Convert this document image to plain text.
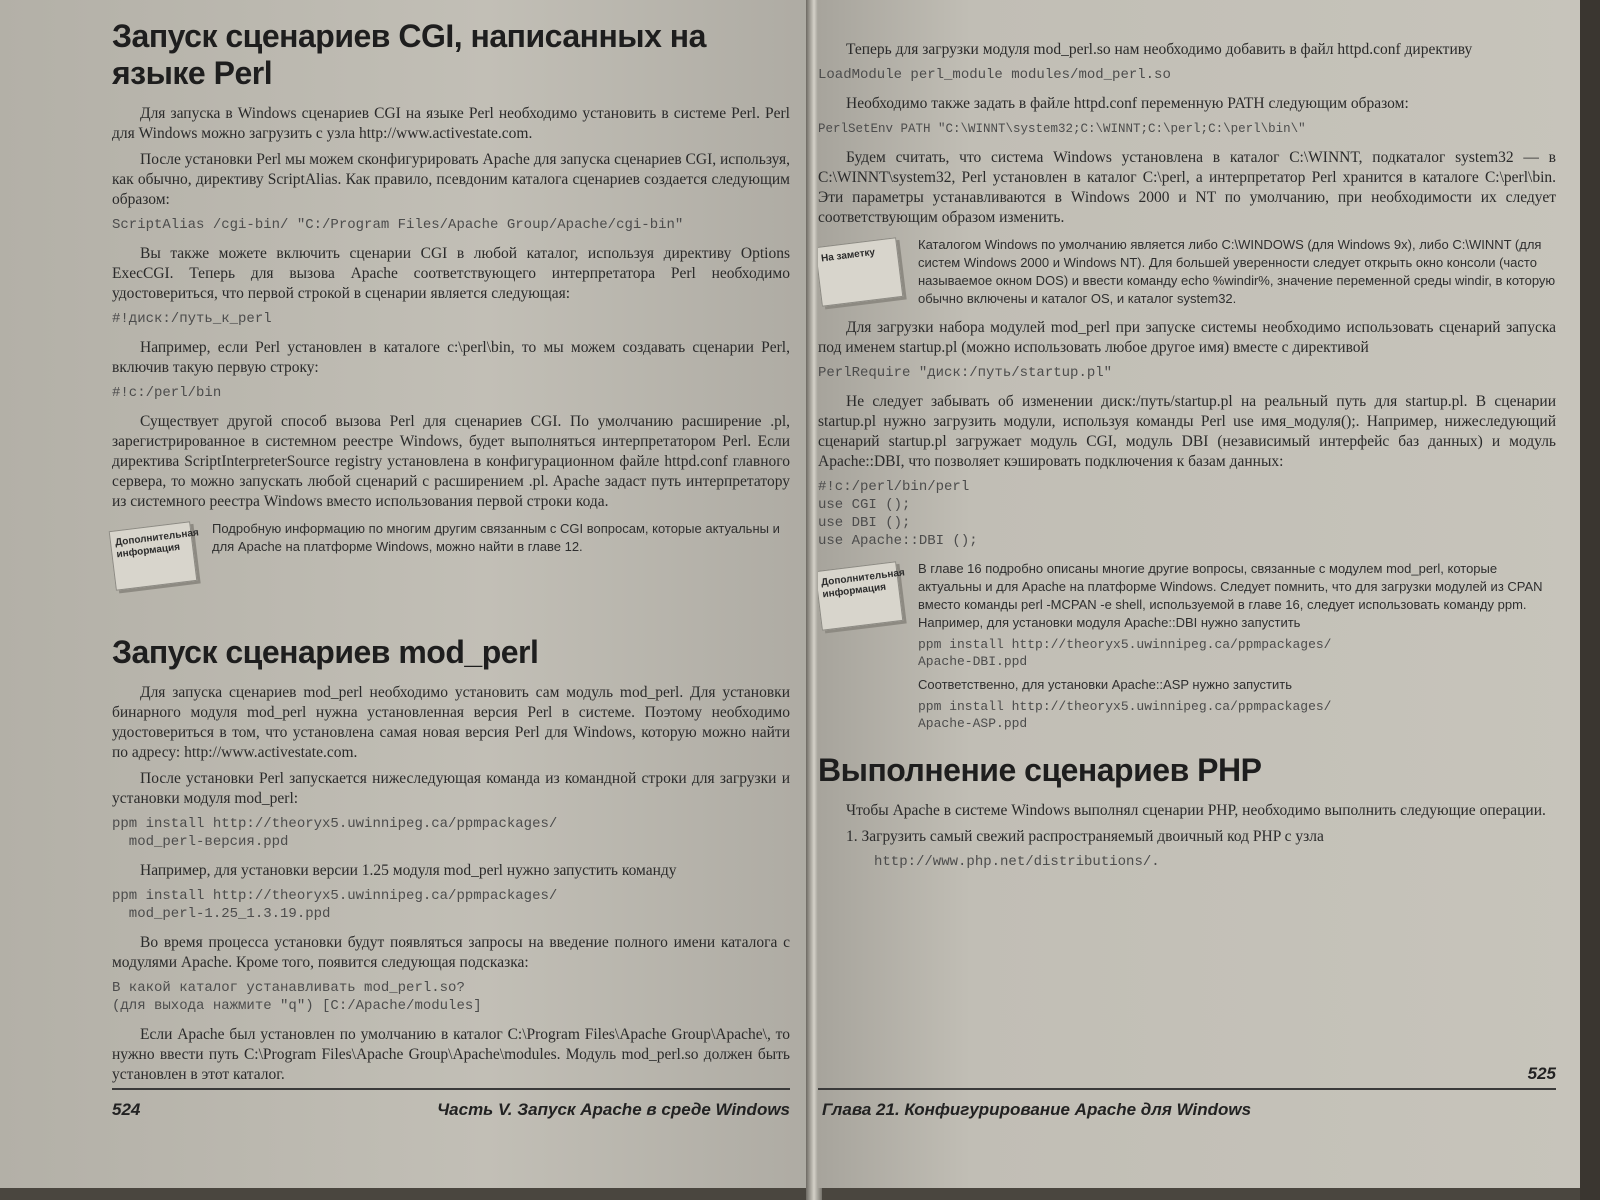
Запуск сценариев CGI, написанных на языке Perl

Для запуска в Windows сценариев CGI на языке Perl необходимо установить в системе Perl. Perl для Windows можно загрузить с узла http://www.activestate.com.

После установки Perl мы можем сконфигурировать Apache для запуска сценариев CGI, используя, как обычно, директиву ScriptAlias. Как правило, псевдоним каталога сценариев создается следующим образом:

ScriptAlias /cgi-bin/ "C:/Program Files/Apache Group/Apache/cgi-bin"

Вы также можете включить сценарии CGI в любой каталог, используя директиву Options ExecCGI. Теперь для вызова Apache соответствующего интерпретатора Perl необходимо удостовериться, что первой строкой в сценарии является следующая:

#!диск:/путь_к_perl

Например, если Perl установлен в каталоге c:\perl\bin, то мы можем создавать сценарии Perl, включив такую первую строку:

#!c:/perl/bin

Существует другой способ вызова Perl для сценариев CGI. По умолчанию расширение .pl, зарегистрированное в системном реестре Windows, будет выполняться интерпретатором Perl. Если директива ScriptInterpreterSource registry установлена в конфигурационном файле httpd.conf главного сервера, то можно запускать любой сценарий с расширением .pl. Apache задаст путь интерпретатору из системного реестра Windows вместо использования первой строки кода.

Дополнительная информация
Подробную информацию по многим другим связанным с CGI вопросам, которые актуальны и для Apache на платформе Windows, можно найти в главе 12.
Запуск сценариев mod_perl

Для запуска сценариев mod_perl необходимо установить сам модуль mod_perl. Для установки бинарного модуля mod_perl нужна установленная версия Perl в системе. Поэтому необходимо удостовериться в том, что установлена самая новая версия Perl для Windows, которую можно найти по адресу: http://www.activestate.com.

После установки Perl запускается нижеследующая команда из командной строки для загрузки и установки модуля mod_perl:

ppm install http://theoryx5.uwinnipeg.ca/ppmpackages/
mod_perl-версия.ppd

Например, для установки версии 1.25 модуля mod_perl нужно запустить команду

ppm install http://theoryx5.uwinnipeg.ca/ppmpackages/
mod_perl-1.25_1.3.19.ppd

Во время процесса установки будут появляться запросы на введение полного имени каталога с модулями Apache. Кроме того, появится следующая подсказка:

В какой каталог устанавливать mod_perl.so?
(для выхода нажмите "q") [C:/Apache/modules]

Если Apache был установлен по умолчанию в каталог C:\Program Files\Apache Group\Apache\, то нужно ввести путь C:\Program Files\Apache Group\Apache\modules. Модуль mod_perl.so должен быть установлен в этот каталог.

524	Часть V. Запуск Apache в среде Windows

Теперь для загрузки модуля mod_perl.so нам необходимо добавить в файл httpd.conf директиву

LoadModule perl_module modules/mod_perl.so

Необходимо также задать в файле httpd.conf переменную PATH следующим образом:

PerlSetEnv PATH "C:\WINNT\system32;C:\WINNT;C:\perl;C:\perl\bin\"

Будем считать, что система Windows установлена в каталог C:\WINNT, подкаталог system32 — в C:\WINNT\system32, Perl установлен в каталог C:\perl, а интерпретатор Perl хранится в каталоге C:\perl\bin. Эти параметры устанавливаются в Windows 2000 и NT по умолчанию, при необходимости их следует соответствующим образом изменить.

На заметку
Каталогом Windows по умолчанию является либо C:\WINDOWS (для Windows 9x), либо C:\WINNT (для систем Windows 2000 и Windows NT). Для большей уверенности следует открыть окно консоли (часто называемое окном DOS) и ввести команду echo %windir%, значение переменной среды windir, в которую обычно включены и каталог OS, и каталог system32.

Для загрузки набора модулей mod_perl при запуске системы необходимо использовать сценарий запуска под именем startup.pl (можно использовать любое другое имя) вместе с директивой

PerlRequire "диск:/путь/startup.pl"

Не следует забывать об изменении диск:/путь/startup.pl на реальный путь для startup.pl. В сценарии startup.pl нужно загрузить модули, используя команды Perl use имя_модуля();. Например, нижеследующий сценарий startup.pl загружает модуль CGI, модуль DBI (независимый интерфейс баз данных) и модуль Apache::DBI, что позволяет кэшировать подключения к базам данных:

#!c:/perl/bin/perl
use CGI ();
use DBI ();
use Apache::DBI ();
Дополнительная информация
В главе 16 подробно описаны многие другие вопросы, связанные с модулем mod_perl, которые актуальны и для Apache на платформе Windows. Следует помнить, что для загрузки модулей из CPAN вместо команды perl -MCPAN -e shell, используемой в главе 16, следует использовать команду ppm. Например, для установки модуля Apache::DBI нужно запустить
ppm install http://theoryx5.uwinnipeg.ca/ppmpackages/
Apache-DBI.ppd
Соответственно, для установки Apache::ASP нужно запустить
ppm install http://theoryx5.uwinnipeg.ca/ppmpackages/
Apache-ASP.ppd
Выполнение сценариев PHP

Чтобы Apache в системе Windows выполнял сценарии PHP, необходимо выполнить следующие операции.

1. Загрузить самый свежий распространяемый двоичный код PHP с узла

http://www.php.net/distributions/.
Глава 21. Конфигурирование Apache для Windows
525
